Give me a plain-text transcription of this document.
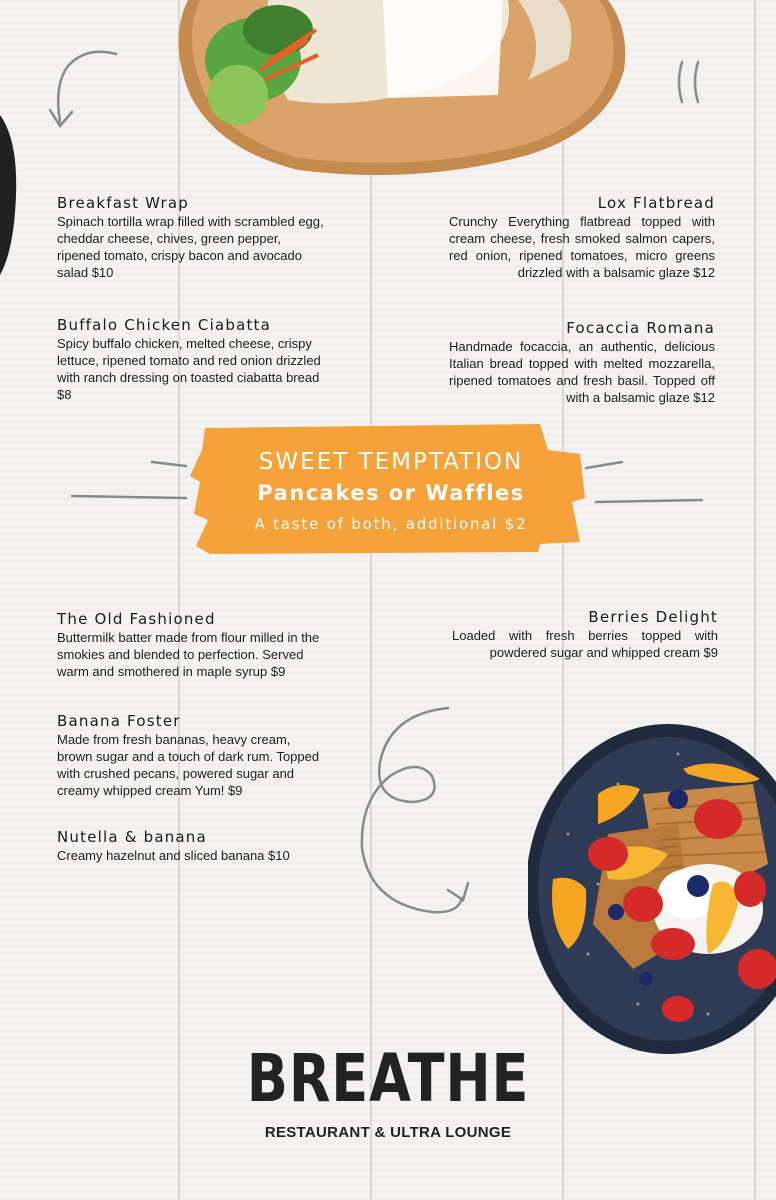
Breakfast Wrap

Spinach tortilla wrap filled with scrambled egg, cheddar cheese, chives, green pepper, ripened tomato, crispy bacon and avocado salad $10

Lox Flatbread

Crunchy Everything flatbread topped with cream cheese, fresh smoked salmon capers, red onion, ripened tomatoes, micro greens drizzled with a balsamic glaze $12

Buffalo Chicken Ciabatta

Spicy buffalo chicken, melted cheese, crispy lettuce, ripened tomato and red onion drizzled with ranch dressing on toasted ciabatta bread $8

Focaccia Romana

Handmade focaccia, an authentic, delicious Italian bread topped with melted mozzarella, ripened tomatoes and fresh basil. Topped off with a balsamic glaze $12

SWEET TEMPTATION
Pancakes or Waffles
A taste of both, additional $2
The Old Fashioned

Buttermilk batter made from flour milled in the smokies and blended to perfection. Served warm and smothered in maple syrup $9

Berries Delight

Loaded with fresh berries topped with powdered sugar and whipped cream $9

Banana Foster

Made from fresh bananas, heavy cream, brown sugar and a touch of dark rum. Topped with crushed pecans, powered sugar and creamy whipped cream Yum! $9

Nutella & banana

Creamy hazelnut and sliced banana $10

BREATHE
RESTAURANT & ULTRA LOUNGE
